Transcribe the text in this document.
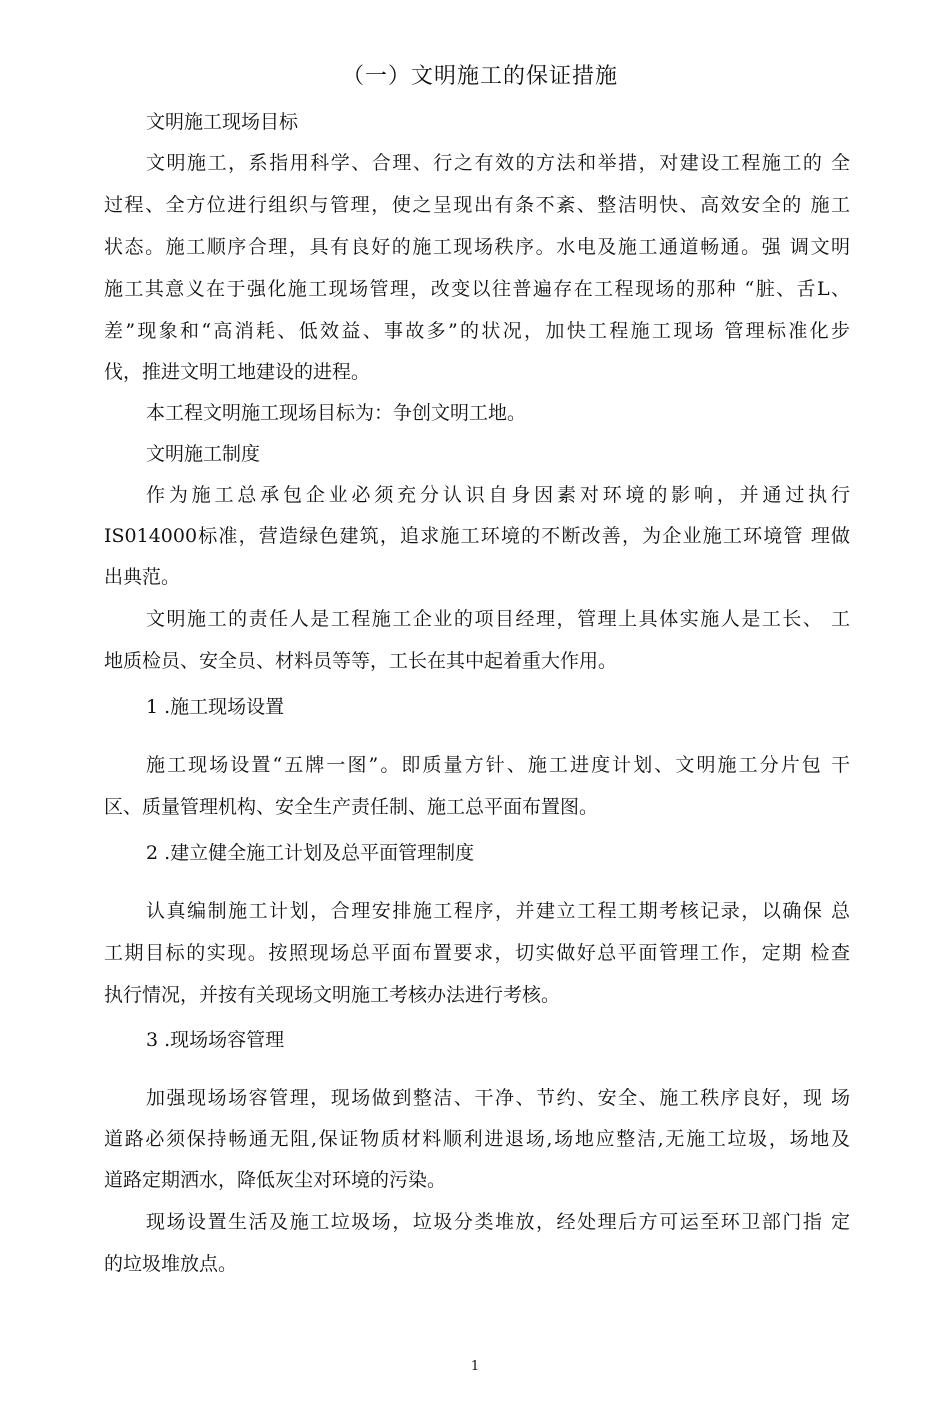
（一）文明施工的保证措施
文明施工现场目标
文明施工，系指用科学、合理、行之有效的方法和举措，对建设工程施工的 全
过程、全方位进行组织与管理，使之呈现出有条不紊、整洁明快、高效安全的 施工
状态。施工顺序合理，具有良好的施工现场秩序。水电及施工通道畅通。强 调文明
施工其意义在于强化施工现场管理，改变以往普遍存在工程现场的那种 “脏、舌L、
差”现象和“高消耗、低效益、事故多”的状况，加快工程施工现场 管理标准化步
伐，推进文明工地建设的进程。
本工程文明施工现场目标为：争创文明工地。
文明施工制度
作为施工总承包企业必须充分认识自身因素对环境的影响，并通过执行
IS014000标准，营造绿色建筑，追求施工环境的不断改善，为企业施工环境管 理做
出典范。
文明施工的责任人是工程施工企业的项目经理，管理上具体实施人是工长、 工
地质检员、安全员、材料员等等，工长在其中起着重大作用。
1 .施工现场设置
施工现场设置“五牌一图”。即质量方针、施工进度计划、文明施工分片包 干
区、质量管理机构、安全生产责任制、施工总平面布置图。
2 .建立健全施工计划及总平面管理制度
认真编制施工计划，合理安排施工程序，并建立工程工期考核记录，以确保 总
工期目标的实现。按照现场总平面布置要求，切实做好总平面管理工作，定期 检查
执行情况，并按有关现场文明施工考核办法进行考核。
3 .现场场容管理
加强现场场容管理，现场做到整洁、干净、节约、安全、施工秩序良好，现 场
道路必须保持畅通无阻,保证物质材料顺利进退场,场地应整洁,无施工垃圾，场地及
道路定期洒水，降低灰尘对环境的污染。
现场设置生活及施工垃圾场，垃圾分类堆放，经处理后方可运至环卫部门指 定
的垃圾堆放点。
1
